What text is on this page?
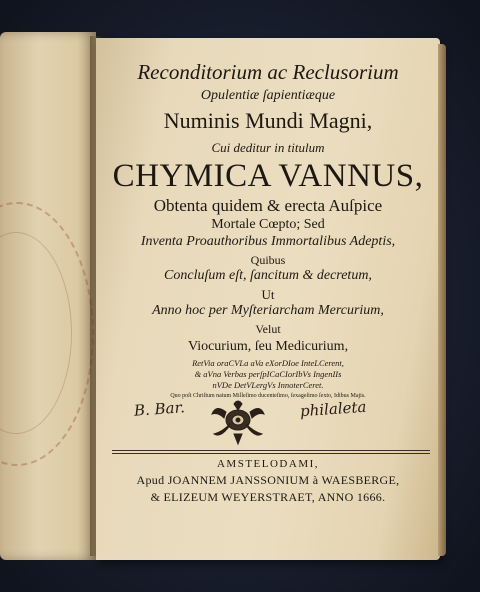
Reconditorium ac Reclusorium

Opulentiæ ſapientiæque

Numinis Mundi Magni,

Cui deditur in titulum

CHYMICA VANNUS,

Obtenta quidem & erecta Auſpice

Mortale Cœpto; Sed

Inventa Proauthoribus Immortalibus Adeptis,

Quibus

Concluſum eſt, ſancitum & decretum,

Ut

Anno hoc per Myſteriarcham Mercurium,

Velut

Viocurium, ſeu Medicurium,

RetVia oraCVLa aVa eXorDIoe InteLCerent,

& aVna Verbas perſpICaCIorIbVs IngenIIs

nVDe DetVLergVs InnoterCeret.

Quo poſt Chriſtum natum Milleſimo ducenteſimo, ſexageſimo ſexto, Idibus Majis.

B. Bar.	philaleta

AMSTELODAMI,

Apud JOANNEM JANSSONIUM à WAESBERGE,

& ELIZEUM WEYERSTRAET, ANNO 1666.
